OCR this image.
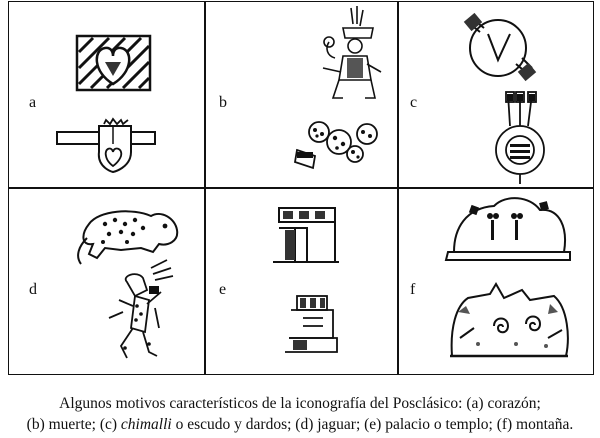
a	b	c
d	e	f
Algunos motivos característicos de la iconografía del Posclásico: (a) corazón;
(b) muerte; (c) chimalli o escudo y dardos; (d) jaguar; (e) palacio o templo; (f) montaña.
